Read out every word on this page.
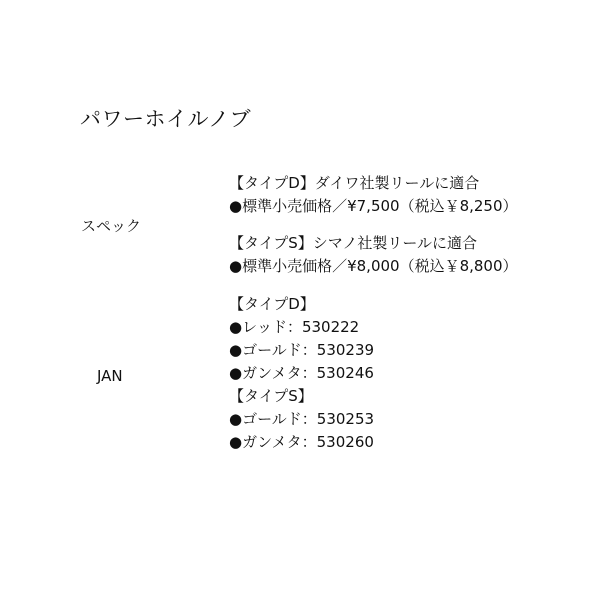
パワーホイルノブ
スペック
【タイプD】ダイワ社製リールに適合
●標準小売価格／¥7,500（税込￥8,250）
【タイプS】シマノ社製リールに適合
●標準小売価格／¥8,000（税込￥8,800）
JAN
【タイプD】
●レッド：530222
●ゴールド：530239
●ガンメタ：530246
【タイプS】
●ゴールド：530253
●ガンメタ：530260
